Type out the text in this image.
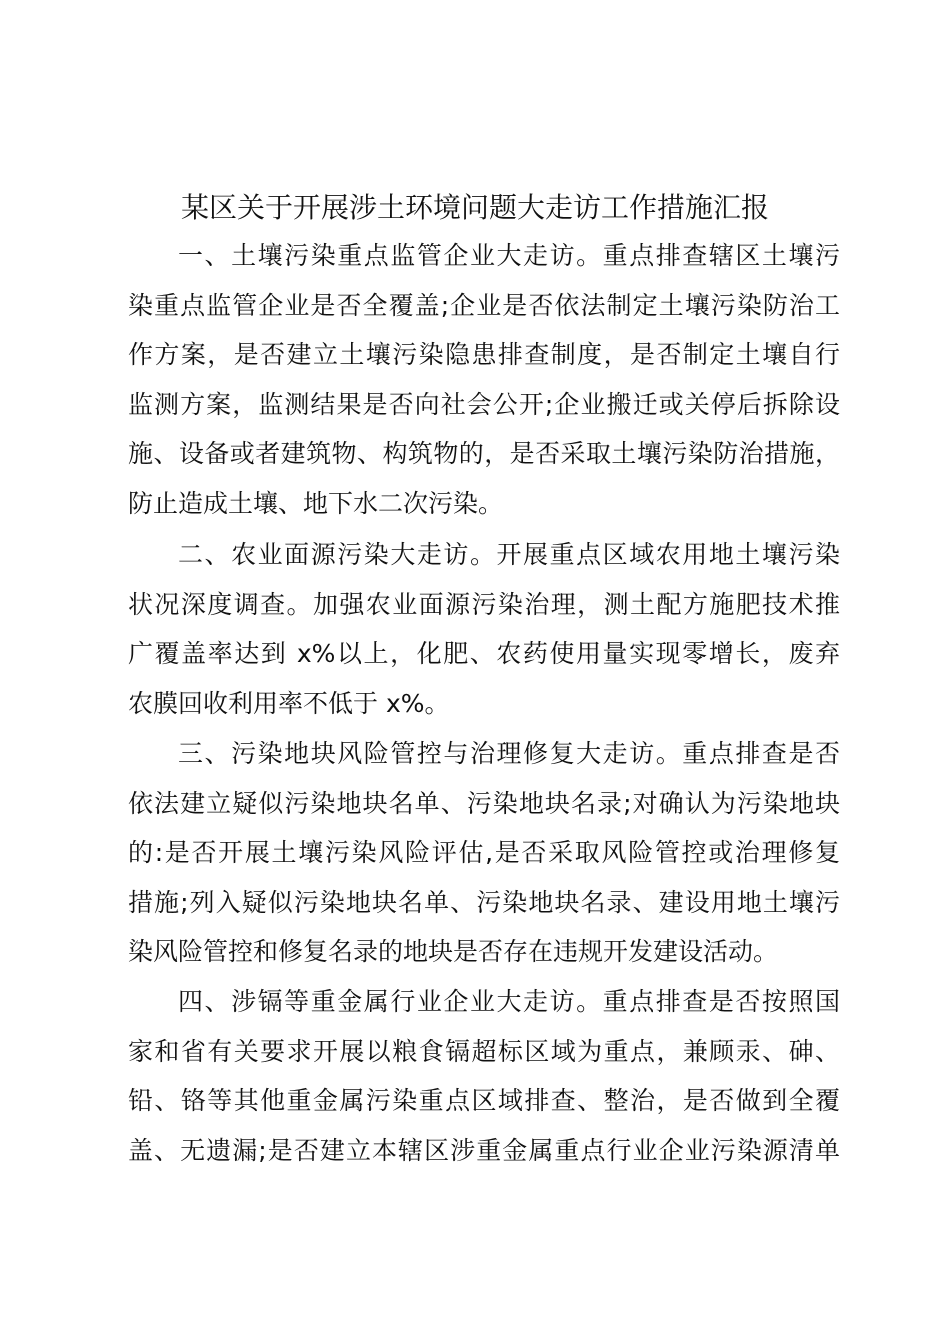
某区关于开展涉土环境问题大走访工作措施汇报
一、土壤污染重点监管企业大走访。重点排查辖区土壤污
染重点监管企业是否全覆盖;企业是否依法制定土壤污染防治工
作方案，是否建立土壤污染隐患排查制度，是否制定土壤自行
监测方案，监测结果是否向社会公开;企业搬迁或关停后拆除设
施、设备或者建筑物、构筑物的，是否采取土壤污染防治措施，
防止造成土壤、地下水二次污染。
二、农业面源污染大走访。开展重点区域农用地土壤污染
状况深度调查。加强农业面源污染治理，测土配方施肥技术推
广覆盖率达到 x%以上，化肥、农药使用量实现零增长，废弃
农膜回收利用率不低于 x%。
三、污染地块风险管控与治理修复大走访。重点排查是否
依法建立疑似污染地块名单、污染地块名录;对确认为污染地块
的:是否开展土壤污染风险评估,是否采取风险管控或治理修复
措施;列入疑似污染地块名单、污染地块名录、建设用地土壤污
染风险管控和修复名录的地块是否存在违规开发建设活动。
四、涉镉等重金属行业企业大走访。重点排查是否按照国
家和省有关要求开展以粮食镉超标区域为重点，兼顾汞、砷、
铅、铬等其他重金属污染重点区域排查、整治，是否做到全覆
盖、无遗漏;是否建立本辖区涉重金属重点行业企业污染源清单
